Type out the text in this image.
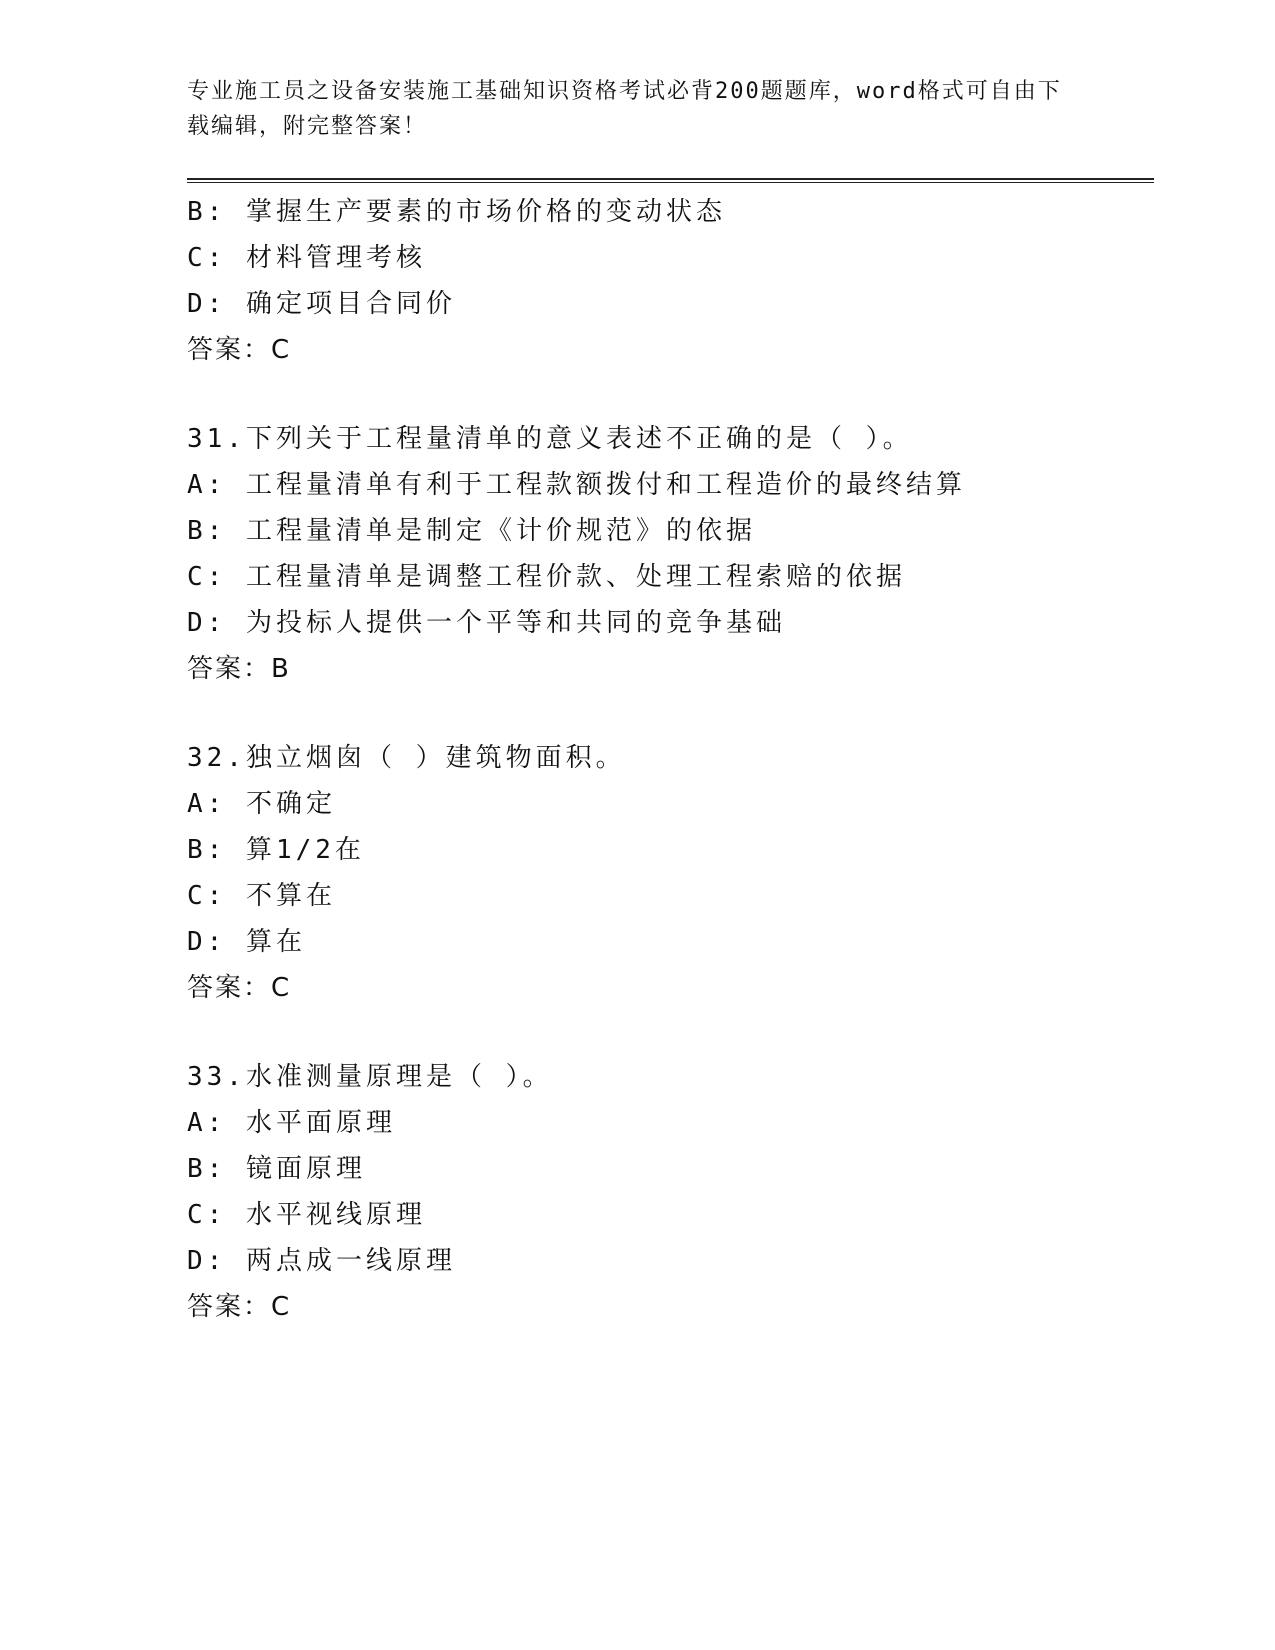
专业施工员之设备安装施工基础知识资格考试必背200题题库，word格式可自由下载编辑，附完整答案！
B: 掌握生产要素的市场价格的变动状态
C: 材料管理考核
D: 确定项目合同价
答案：C
31.下列关于工程量清单的意义表述不正确的是（ ）。
A: 工程量清单有利于工程款额拨付和工程造价的最终结算
B: 工程量清单是制定《计价规范》的依据
C: 工程量清单是调整工程价款、处理工程索赔的依据
D: 为投标人提供一个平等和共同的竞争基础
答案：B
32.独立烟囱（ ）建筑物面积。
A: 不确定
B: 算1/2在
C: 不算在
D: 算在
答案：C
33.水准测量原理是（ ）。
A: 水平面原理
B: 镜面原理
C: 水平视线原理
D: 两点成一线原理
答案：C
